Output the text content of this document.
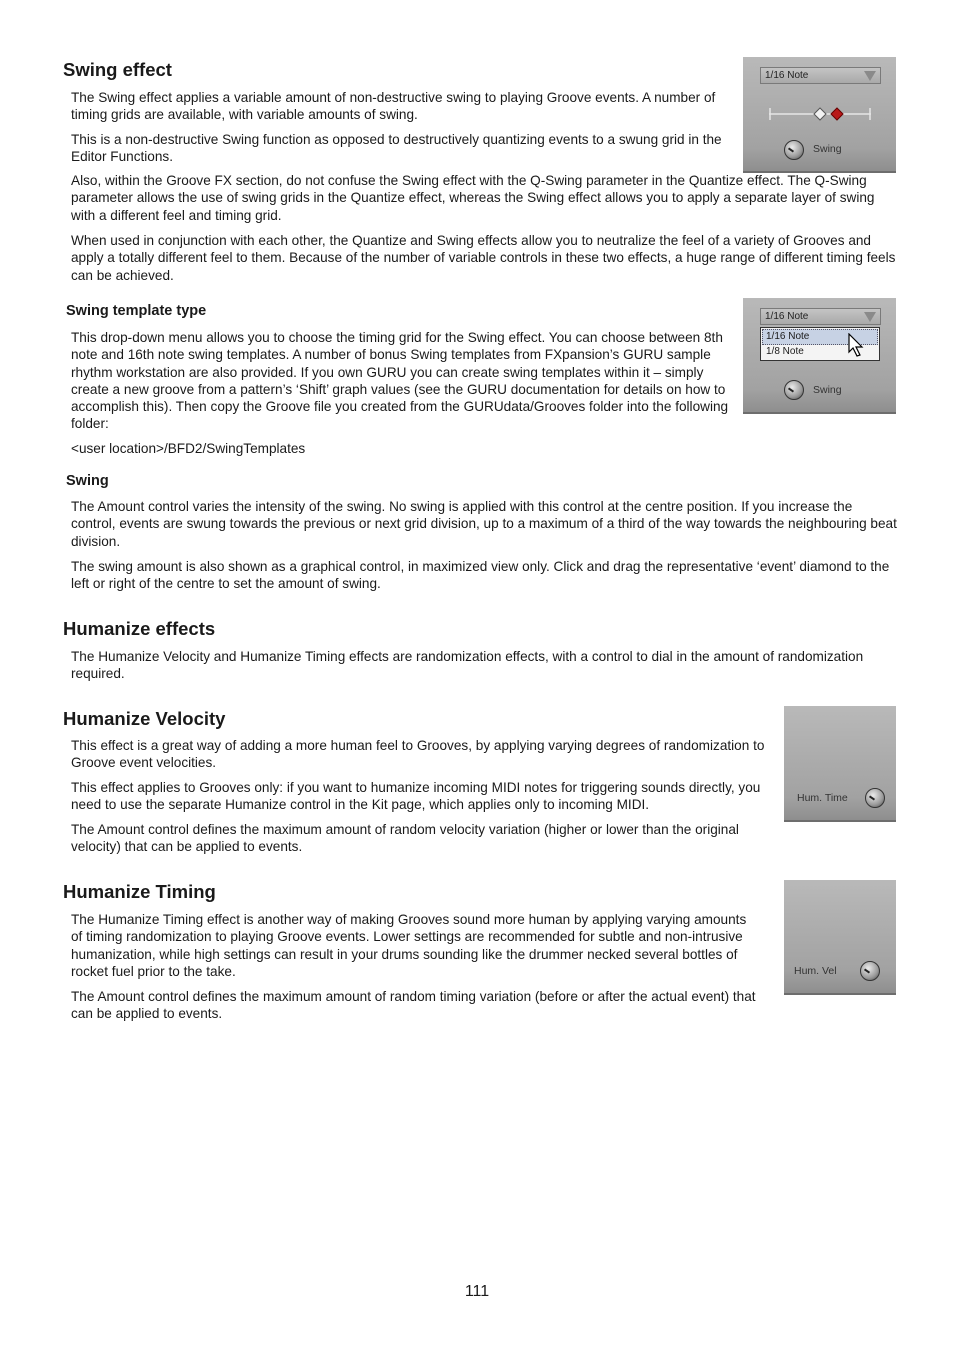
Swing effect

The Swing effect applies a variable amount of non-destructive swing to playing Groove events. A number of timing grids are available, with variable amounts of swing.

This is a non-destructive Swing function as opposed to destructively quantizing events to a swung grid in the Editor Functions.

Also, within the Groove FX section, do not confuse the Swing effect with the Q-Swing parameter in the Quantize effect. The Q-Swing parameter allows the use of swing grids in the Quantize effect, whereas the Swing effect allows you to apply a separate layer of swing with a different feel and timing grid.

When used in conjunction with each other, the Quantize and Swing effects allow you to neutralize the feel of a variety of Grooves and apply a totally different feel to them. Because of the number of variable controls in these two effects, a huge range of different timing feels can be achieved.

1/16 Note
Swing
Swing template type

This drop-down menu allows you to choose the timing grid for the Swing effect. You can choose between 8th note and 16th note swing templates. A number of bonus Swing templates from FXpansion’s GURU sample rhythm workstation are also provided. If you own GURU you can create swing templates within it – simply create a new groove from a pattern’s ‘Shift’ graph values (see the GURU documentation for details on how to accomplish this). Then copy the Groove file you created from the GURUdata/Grooves folder into the following folder:

<user location>/BFD2/SwingTemplates

1/16 Note
1/16 Note
1/8 Note
Swing
Swing

The Amount control varies the intensity of the swing. No swing is applied with this control at the centre position. If you increase the control, events are swung towards the previous or next grid division, up to a maximum of a third of the way towards the neighbouring beat division.

The swing amount is also shown as a graphical control, in maximized view only. Click and drag the representative ‘event’ diamond to the left or right of the centre to set the amount of swing.

Humanize effects

The Humanize Velocity and Humanize Timing effects are randomization effects, with a control to dial in the amount of randomization required.

Humanize Velocity

This effect is a great way of adding a more human feel to Grooves, by applying varying degrees of randomization to Groove event velocities.

This effect applies to Grooves only: if you want to humanize incoming MIDI notes for triggering sounds directly, you need to use the separate Humanize control in the Kit page, which applies only to incoming MIDI.

The Amount control defines the maximum amount of random velocity variation (higher or lower than the original velocity) that can be applied to events.

Hum. Time
Humanize Timing

The Humanize Timing effect is another way of making Grooves sound more human by applying varying amounts of timing randomization to playing Groove events. Lower settings are recommended for subtle and non-intrusive humanization, while high settings can result in your drums sounding like the drummer necked several bottles of rocket fuel prior to the take.

The Amount control defines the maximum amount of random timing variation (before or after the actual event) that can be applied to events.

Hum. Vel
111
